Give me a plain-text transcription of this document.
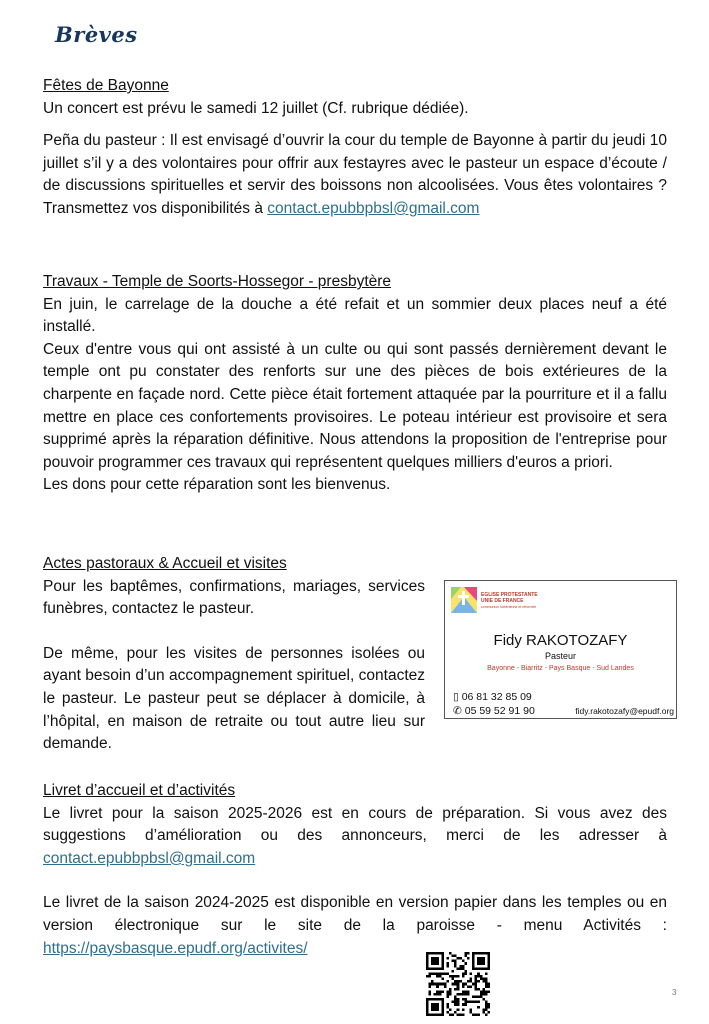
Brèves
Fêtes de Bayonne
Un concert est prévu le samedi 12 juillet (Cf. rubrique dédiée).
Peña du pasteur : Il est envisagé d’ouvrir la cour du temple de Bayonne à partir du jeudi 10 juillet s’il y a des volontaires pour offrir aux festayres avec le pasteur un espace d’écoute / de discussions spirituelles et servir des boissons non alcoolisées. Vous êtes volontaires ? Transmettez vos disponibilités à contact.epubbpbsl@gmail.com
Travaux - Temple de Soorts-Hossegor - presbytère
En juin, le carrelage de la douche a été refait et un sommier deux places neuf a été installé.
Ceux d'entre vous qui ont assisté à un culte ou qui sont passés dernièrement devant le temple ont pu constater des renforts sur une des pièces de bois extérieures de la charpente en façade nord. Cette pièce était fortement attaquée par la pourriture et il a fallu mettre en place ces confortements provisoires. Le poteau intérieur est provisoire et sera supprimé après la réparation définitive. Nous attendons la proposition de l'entreprise pour pouvoir programmer ces travaux qui représentent quelques milliers d'euros a priori.
Les dons pour cette réparation sont les bienvenus.
Actes pastoraux & Accueil et visites
Pour les baptêmes, confirmations, mariages, services funèbres, contactez le pasteur.
De même, pour les visites de personnes isolées ou ayant besoin d’un accompagnement spirituel, contactez le pasteur. Le pasteur peut se déplacer à domicile, à l’hôpital, en maison de retraite ou tout autre lieu sur demande.
EGLISE PROTESTANTE
UNIE DE FRANCE
communion luthérienne et réformée
Fidy RAKOTOZAFY
Pasteur
Bayonne - Biarritz - Pays Basque - Sud Landes
▯ 06 81 32 85 09
✆ 05 59 52 91 90	fidy.rakotozafy@epudf.org
Livret d’accueil et d’activités
Le livret pour la saison 2025-2026 est en cours de préparation. Si vous avez des suggestions d’amélioration ou des annonceurs, merci de les adresser à contact.epubbpbsl@gmail.com
Le livret de la saison 2024-2025 est disponible en version papier dans les temples ou en version électronique sur le site de la paroisse - menu Activités : https://paysbasque.epudf.org/activites/
3
